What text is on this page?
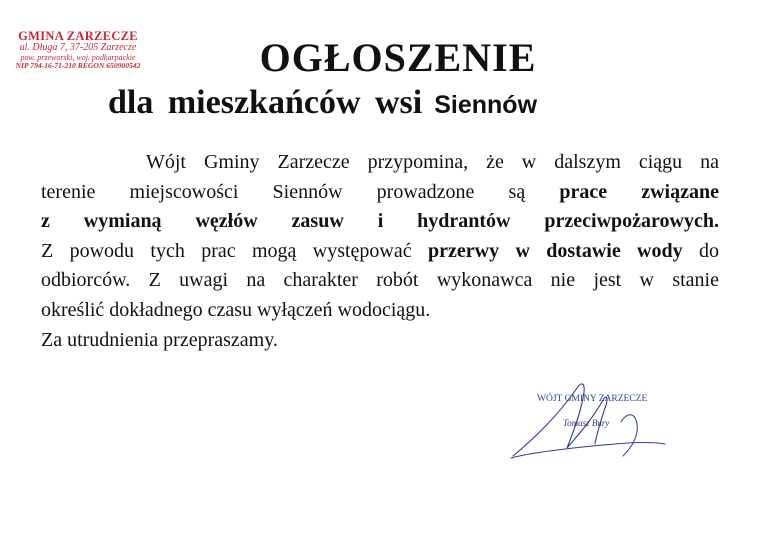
GMINA ZARZECZE
ul. Długa 7, 37-205 Zarzecze
pow. przeworski, woj. podkarpackie
NIP 794-16-71-210 REGON 650900542	OGŁOSZENIE
dla mieszkańców wsi Siennów
Wójt Gminy Zarzecze przypomina, że w dalszym ciągu na
terenie miejscowości Siennów prowadzone są prace związane
z wymianą węzłów zasuw i hydrantów przeciwpożarowych.
Z powodu tych prac mogą występować przerwy w dostawie wody do
odbiorców. Z uwagi na charakter robót wykonawca nie jest w stanie
określić dokładnego czasu wyłączeń wodociągu.
Za utrudnienia przepraszamy.
WÓJT GMINY ZARZECZE
Tomasz Bury
